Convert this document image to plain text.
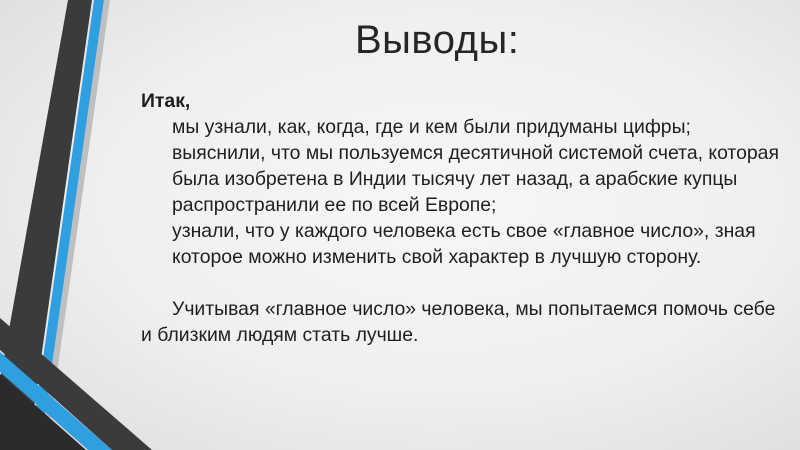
Выводы:

Итак,

мы узнали, как, когда, где и кем были придуманы цифры;
выяснили, что мы пользуемся десятичной системой счета, которая была изобретена в Индии тысячу лет назад, а арабские купцы распространили ее по всей Европе;
узнали, что у каждого человека есть свое «главное число», зная которое можно изменить свой характер в лучшую сторону.

Учитывая «главное число» человека, мы попытаемся помочь себе и близким людям стать лучше.
